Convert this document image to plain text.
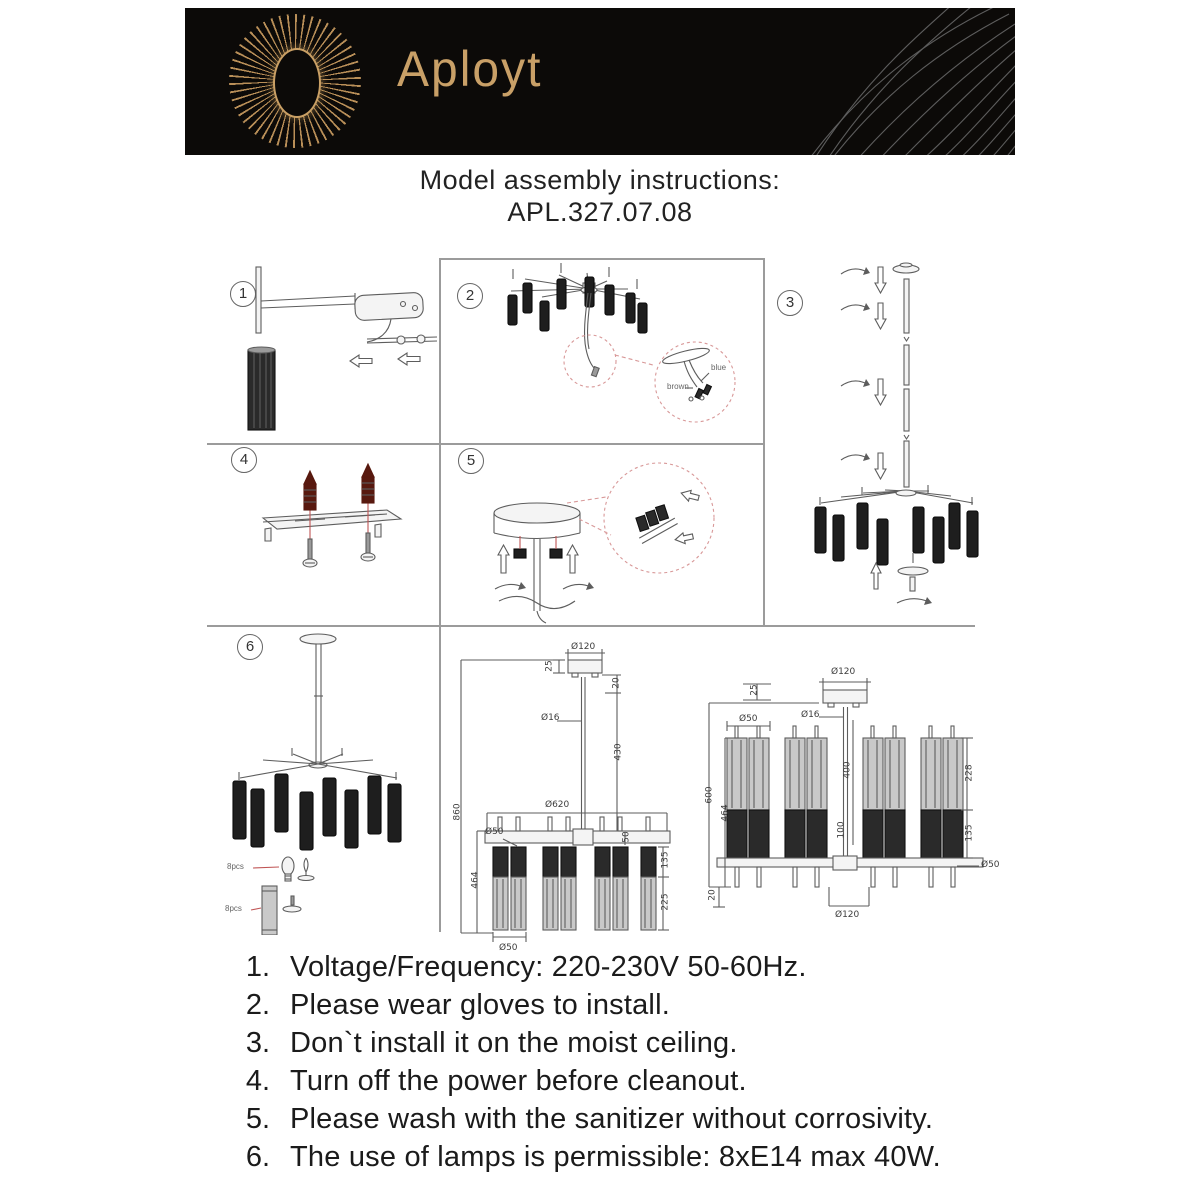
Aployt
Model assembly instructions:
APL.327.07.08
1	2	3
4	5
6
blue
brown
8pcs
8pcs
Ø120
25
20
Ø16
430
Ø620
50
Ø50
860
464
135
225
Ø50
25
Ø120
Ø16
Ø50
600
464
400	228
135
100
20
Ø120
Ø50
1. Voltage/Frequency: 220-230V 50-60Hz.
2. Please wear gloves to install.
3. Don`t install it on the moist ceiling.
4. Turn off the power before cleanout.
5. Please wash with the sanitizer without corrosivity.
6. The use of lamps is permissible: 8xE14 max 40W.
